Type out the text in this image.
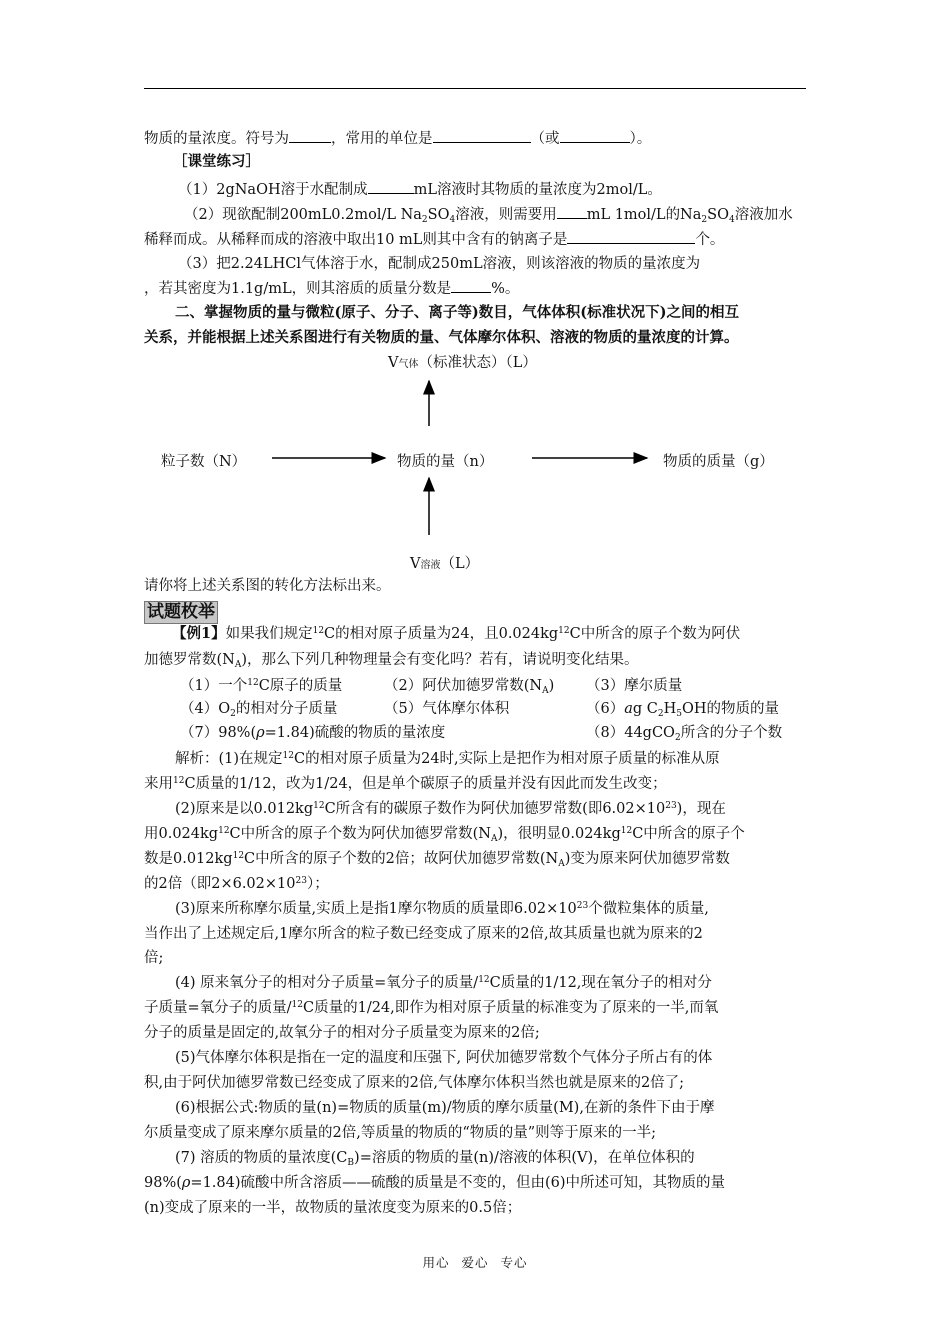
物质的量浓度。符号为	，常用的单位是	（或	）。
［课堂练习］
（1）2gNaOH溶于水配制成	mL溶液时其物质的量浓度为2mol/L。
（2）现欲配制200mL0.2mol/L $Na_2SO_4$溶液，则需要用 mL 1mol/L的$Na_2SO_4$溶液加水
稀释而成。从稀释而成的溶液中取出10 mL则其中含有的钠离子是	个。
（3）把2.24LHCl气体溶于水，配制成250mL溶液，则该溶液的物质的量浓度为
，若其密度为1.1g/mL，则其溶质的质量分数是	%。
二、掌握物质的量与微粒(原子、分子、离子等)数目，气体体积(标准状况下)之间的相互
关系，并能根据上述关系图进行有关物质的量、气体摩尔体积、溶液的物质的量浓度的计算。
V气体（标准状态）（L）
粒子数（N）	物质的量（n）	物质的质量（g）
V溶液（L）
请你将上述关系图的转化方法标出来。
试题枚举
【例1】如果我们规定$^{12}$C的相对原子质量为24，且$0.024kg^{12}C$中所含的原子个数为阿伏
加德罗常数$(N_A)$，那么下列几种物理量会有变化吗？若有，请说明变化结果。
（1）一个$^{12}$C原子的质量	（2）阿伏加德罗常数$(N_A)$	（3）摩尔质量
$(4)O_2$的相对分子质量	（5）气体摩尔体积	（6）ag $C_2H_5OH$的物质的量
（7）98%(ρ=1.84)硫酸的物质的量浓度	（8）44gCO$_2$所含的分子个数
解析：(1)在规定$^{12}$C的相对原子质量为24时,实际上是把作为相对原子质量的标准从原
来用$^{12}$C质量的1/12，改为1/24，但是单个碳原子的质量并没有因此而发生改变；
(2)原来是以$0.012kg^{12}C$所含有的碳原子数作为阿伏加德罗常数(即$6.02\times 10^{23}$)，现在
用$0.024kg^{12}C$中所含的原子个数为阿伏加德罗常数$(N_A)$，很明显$0.024kg^{12}C$中所含的原子个
数是$0.012kg^{12}C$中所含的原子个数的2倍；故阿伏加德罗常数$(N_A)$变为原来阿伏加德罗常数
的2倍（即$2\times 6.02\times 10^{23}$）；
(3)原来所称摩尔质量,实质上是指1摩尔物质的质量即$6.02\times 10^{23}$个微粒集体的质量,
当作出了上述规定后,1摩尔所含的粒子数已经变成了原来的2倍,故其质量也就为原来的2
倍;
(4) 原来氧分子的相对分子质量=氧分子的质量/$^{12}$C质量的1/12,现在氧分子的相对分
子质量=氧分子的质量/$^{12}$C质量的1/24,即作为相对原子质量的标准变为了原来的一半,而氧
分子的质量是固定的,故氧分子的相对分子质量变为原来的2倍;
(5)气体摩尔体积是指在一定的温度和压强下, 阿伏加德罗常数个气体分子所占有的体
积,由于阿伏加德罗常数已经变成了原来的2倍,气体摩尔体积当然也就是原来的2倍了;
(6)根据公式:物质的量(n)=物质的质量(m)/物质的摩尔质量(M),在新的条件下由于摩
尔质量变成了原来摩尔质量的2倍,等质量的物质的“物质的量”则等于原来的一半;
(7) 溶质的物质的量浓度$(C_B)=$溶质的物质的量(n)/溶液的体积(V)，在单位体积的
98%(ρ=1.84)硫酸中所含溶质——硫酸的质量是不变的，但由(6)中所述可知，其物质的量
(n)变成了原来的一半，故物质的量浓度变为原来的0.5倍；
用心 爱心 专心
